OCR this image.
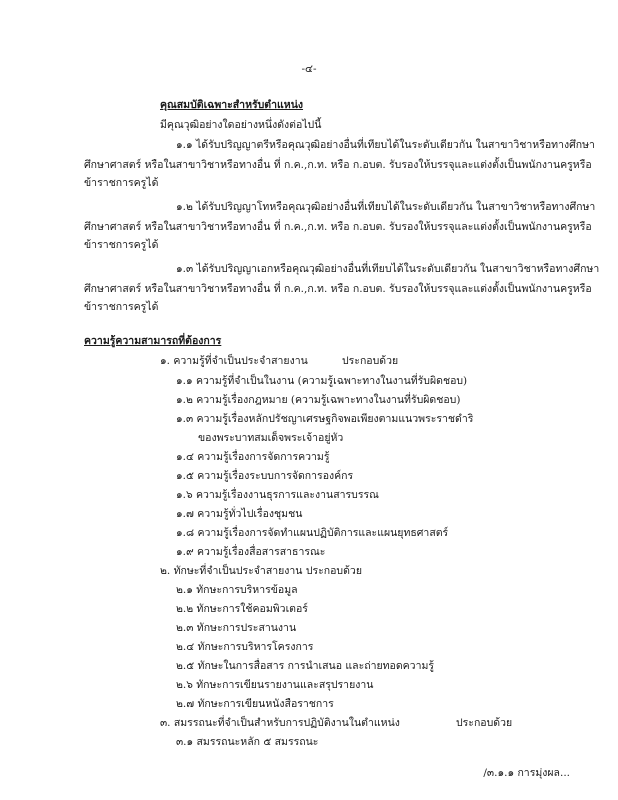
-๔-
คุณสมบัติเฉพาะสำหรับตำแหน่ง
มีคุณวุฒิอย่างใดอย่างหนึ่งดังต่อไปนี้
๑.๑ ได้รับปริญญาตรีหรือคุณวุฒิอย่างอื่นที่เทียบได้ในระดับเดียวกัน ในสาขาวิชาหรือทางศึกษา
ศึกษาศาสตร์ หรือในสาขาวิชาหรือทางอื่น ที่ ก.ค.,ก.ท. หรือ ก.อบต. รับรองให้บรรจุและแต่งตั้งเป็นพนักงานครูหรือ
ข้าราชการครูได้
๑.๒ ได้รับปริญญาโทหรือคุณวุฒิอย่างอื่นที่เทียบได้ในระดับเดียวกัน ในสาขาวิชาหรือทางศึกษา
ศึกษาศาสตร์ หรือในสาขาวิชาหรือทางอื่น ที่ ก.ค.,ก.ท. หรือ ก.อบต. รับรองให้บรรจุและแต่งตั้งเป็นพนักงานครูหรือ
ข้าราชการครูได้
๑.๓ ได้รับปริญญาเอกหรือคุณวุฒิอย่างอื่นที่เทียบได้ในระดับเดียวกัน ในสาขาวิชาหรือทางศึกษา
ศึกษาศาสตร์ หรือในสาขาวิชาหรือทางอื่น ที่ ก.ค.,ก.ท. หรือ ก.อบต. รับรองให้บรรจุและแต่งตั้งเป็นพนักงานครูหรือ
ข้าราชการครูได้
ความรู้ความสามารถที่ต้องการ
๑. ความรู้ที่จำเป็นประจำสายงาน	ประกอบด้วย
๑.๑ ความรู้ที่จำเป็นในงาน (ความรู้เฉพาะทางในงานที่รับผิดชอบ)
๑.๒ ความรู้เรื่องกฎหมาย (ความรู้เฉพาะทางในงานที่รับผิดชอบ)
๑.๓ ความรู้เรื่องหลักปรัชญาเศรษฐกิจพอเพียงตามแนวพระราชดำริ
ของพระบาทสมเด็จพระเจ้าอยู่หัว
๑.๔ ความรู้เรื่องการจัดการความรู้
๑.๕ ความรู้เรื่องระบบการจัดการองค์กร
๑.๖ ความรู้เรื่องงานธุรการและงานสารบรรณ
๑.๗ ความรู้ทั่วไปเรื่องชุมชน
๑.๘ ความรู้เรื่องการจัดทำแผนปฏิบัติการและแผนยุทธศาสตร์
๑.๙ ความรู้เรื่องสื่อสารสาธารณะ
๒. ทักษะที่จำเป็นประจำสายงาน ประกอบด้วย
๒.๑ ทักษะการบริหารข้อมูล
๒.๒ ทักษะการใช้คอมพิวเตอร์
๒.๓ ทักษะการประสานงาน
๒.๔ ทักษะการบริหารโครงการ
๒.๕ ทักษะในการสื่อสาร การนำเสนอ และถ่ายทอดความรู้
๒.๖ ทักษะการเขียนรายงานและสรุปรายงาน
๒.๗ ทักษะการเขียนหนังสือราชการ
๓. สมรรถนะที่จำเป็นสำหรับการปฏิบัติงานในตำแหน่ง	ประกอบด้วย
๓.๑ สมรรถนะหลัก ๕ สมรรถนะ
/๓.๑.๑ การมุ่งผล...
